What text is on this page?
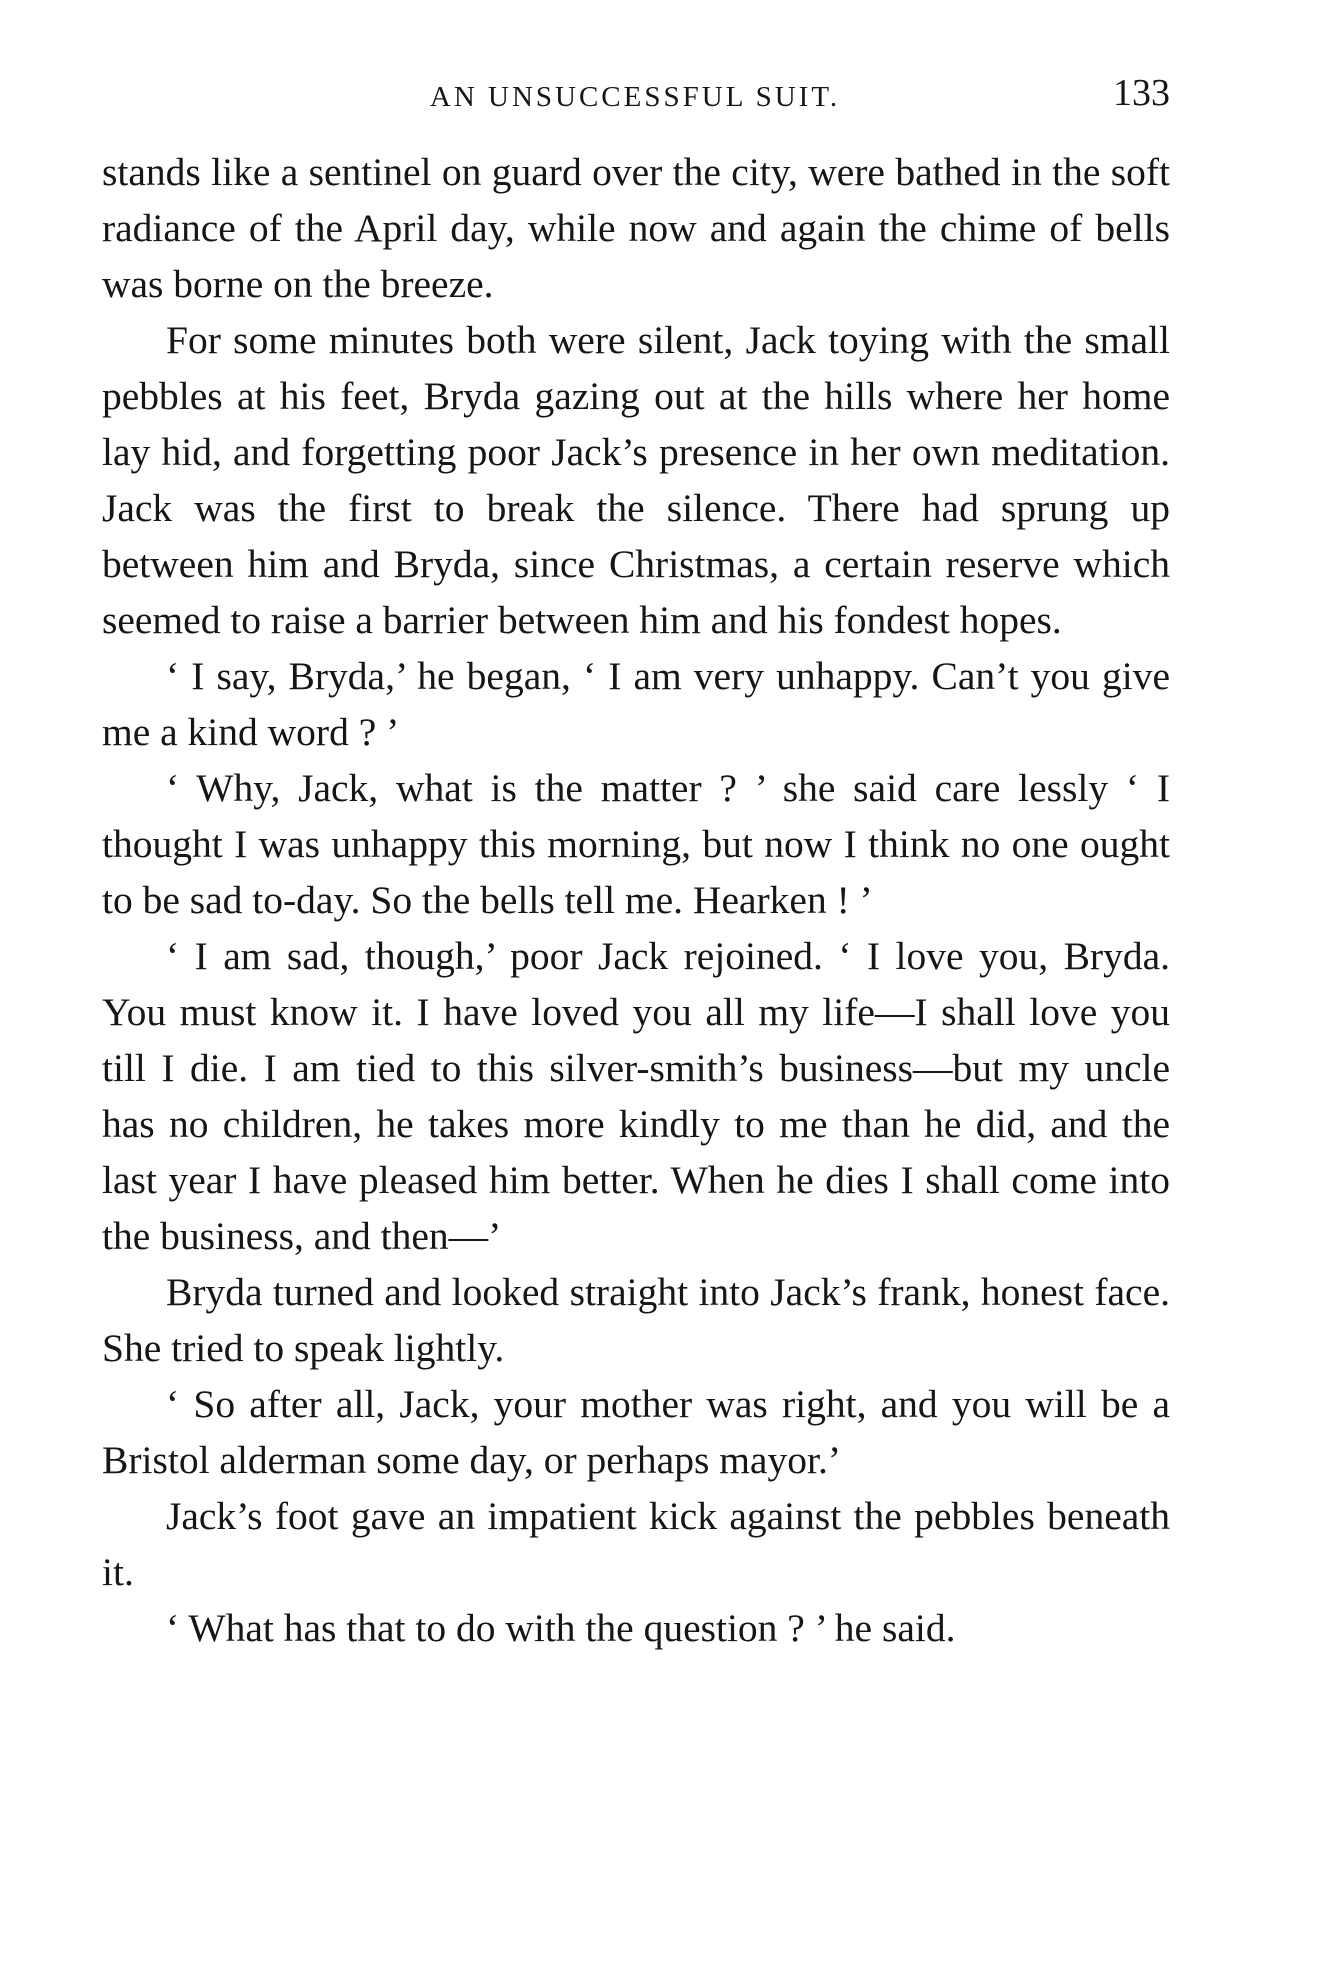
AN UNSUCCESSFUL SUIT.	133

stands like a sentinel on guard over the city, were bathed in the soft radiance of the April day, while now and again the chime of bells was borne on the breeze.

For some minutes both were silent, Jack toying with the small pebbles at his feet, Bryda gazing out at the hills where her home lay hid, and forgetting poor Jack’s presence in her own meditation. Jack was the first to break the silence. There had sprung up between him and Bryda, since Christmas, a certain reserve which seemed to raise a barrier between him and his fondest hopes.

‘ I say, Bryda,’ he began, ‘ I am very unhappy. Can’t you give me a kind word ? ’

‘ Why, Jack, what is the matter ? ’ she said care lessly ‘ I thought I was unhappy this morning, but now I think no one ought to be sad to-day. So the bells tell me. Hearken ! ’

‘ I am sad, though,’ poor Jack rejoined. ‘ I love you, Bryda. You must know it. I have loved you all my life—I shall love you till I die. I am tied to this silver-smith’s business—but my uncle has no children, he takes more kindly to me than he did, and the last year I have pleased him better. When he dies I shall come into the business, and then—’

Bryda turned and looked straight into Jack’s frank, honest face. She tried to speak lightly.

‘ So after all, Jack, your mother was right, and you will be a Bristol alderman some day, or perhaps mayor.’

Jack’s foot gave an impatient kick against the pebbles beneath it.

‘ What has that to do with the question ? ’ he said.
